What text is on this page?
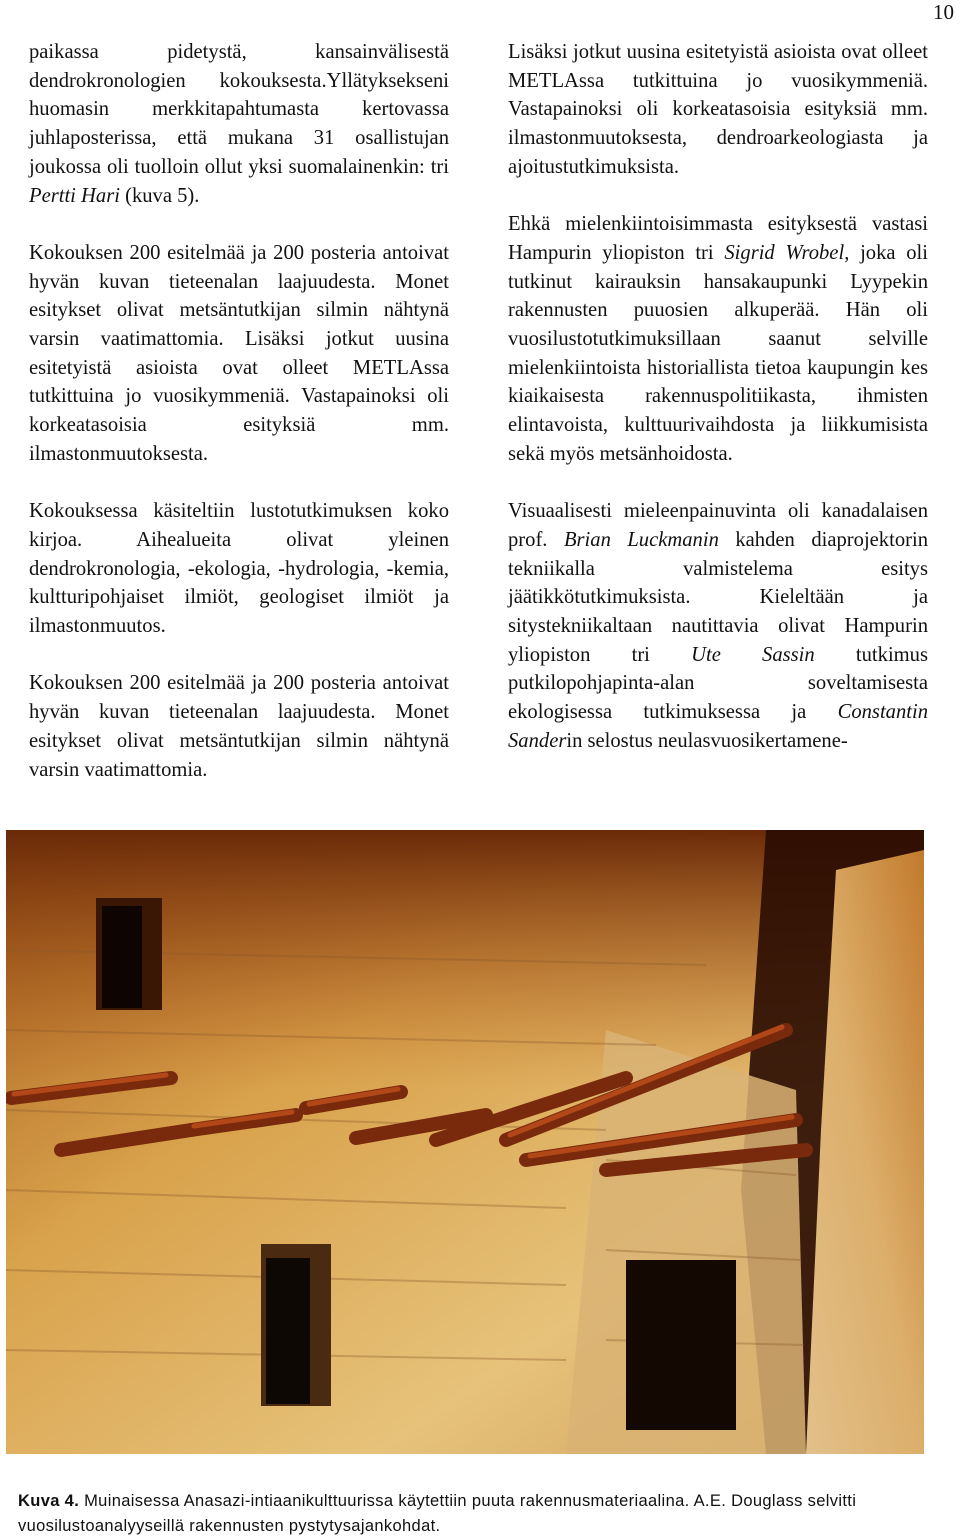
10

paikassa pidetystä, kansainvälisestä dendrokronologien kokouksesta.Yllätyksekseni huomasin merkkitapahtumasta kertovassa juhlaposterissa, että mukana 31 osallistujan joukossa oli tuolloin ollut yksi suomalainenkin: tri Pertti Hari (kuva 5).

Kokouksen 200 esitelmää ja 200 posteria antoivat hyvän kuvan tieteenalan laajuudesta. Monet esitykset olivat metsäntutkijan silmin nähtynä varsin vaatimattomia. Lisäksi jotkut uusina esitetyistä asioista ovat olleet METLAssa tutkittuina jo vuosikymmeniä. Vastapainoksi oli korkeatasoisia esityksiä mm. ilmastonmuutoksesta.

Kokouksessa käsiteltiin lustotutkimuksen koko kirjoa. Aihealueita olivat yleinen dendrokronologia, -ekologia, -hydrologia, -kemia, kultturipohjaiset ilmiöt, geologiset ilmiöt ja ilmastonmuutos.

Kokouksen 200 esitelmää ja 200 posteria antoivat hyvän kuvan tieteenalan laajuudesta. Monet esitykset olivat metsäntutkijan silmin nähtynä varsin vaatimattomia.

Lisäksi jotkut uusina esitetyistä asioista ovat olleet METLAssa tutkittuina jo vuosikymmeniä. Vastapainoksi oli korkeatasoisia esityksiä mm. ilmastonmuutoksesta, dendroarkeologiasta ja ajoitustutkimuksista.

Ehkä mielenkiintoisimmasta esityksestä vastasi Hampurin yliopiston tri Sigrid Wrobel, joka oli tutkinut kairauksin hansakaupunki Lyypekin rakennusten puuosien alkuperää. Hän oli vuosilustotutkimuksillaan saanut selville mielenkiintoista historiallista tietoa kaupungin kes kiaikaisesta rakennuspolitiikasta, ihmisten elintavoista, kulttuurivaihdosta ja liikkumisista sekä myös metsänhoidosta.

Visuaalisesti mieleenpainuvinta oli kanadalaisen prof. Brian Luckmanin kahden diaprojektorin tekniikalla valmistelema esitys jäätikkötutkimuksista. Kieleltään ja sitystekniikaltaan nautittavia olivat Hampurin yliopiston tri Ute Sassin tutkimus putkilopohjapinta-alan soveltamisesta ekologisessa tutkimuksessa ja Constantin Sanderin selostus neulasvuosikertamene-

Kuva 4. Muinaisessa Anasazi-intiaanikulttuurissa käytettiin puuta rakennusmateriaalina. A.E. Douglass selvitti vuosilustoanalyyseillä rakennusten pystytysajankohdat.
